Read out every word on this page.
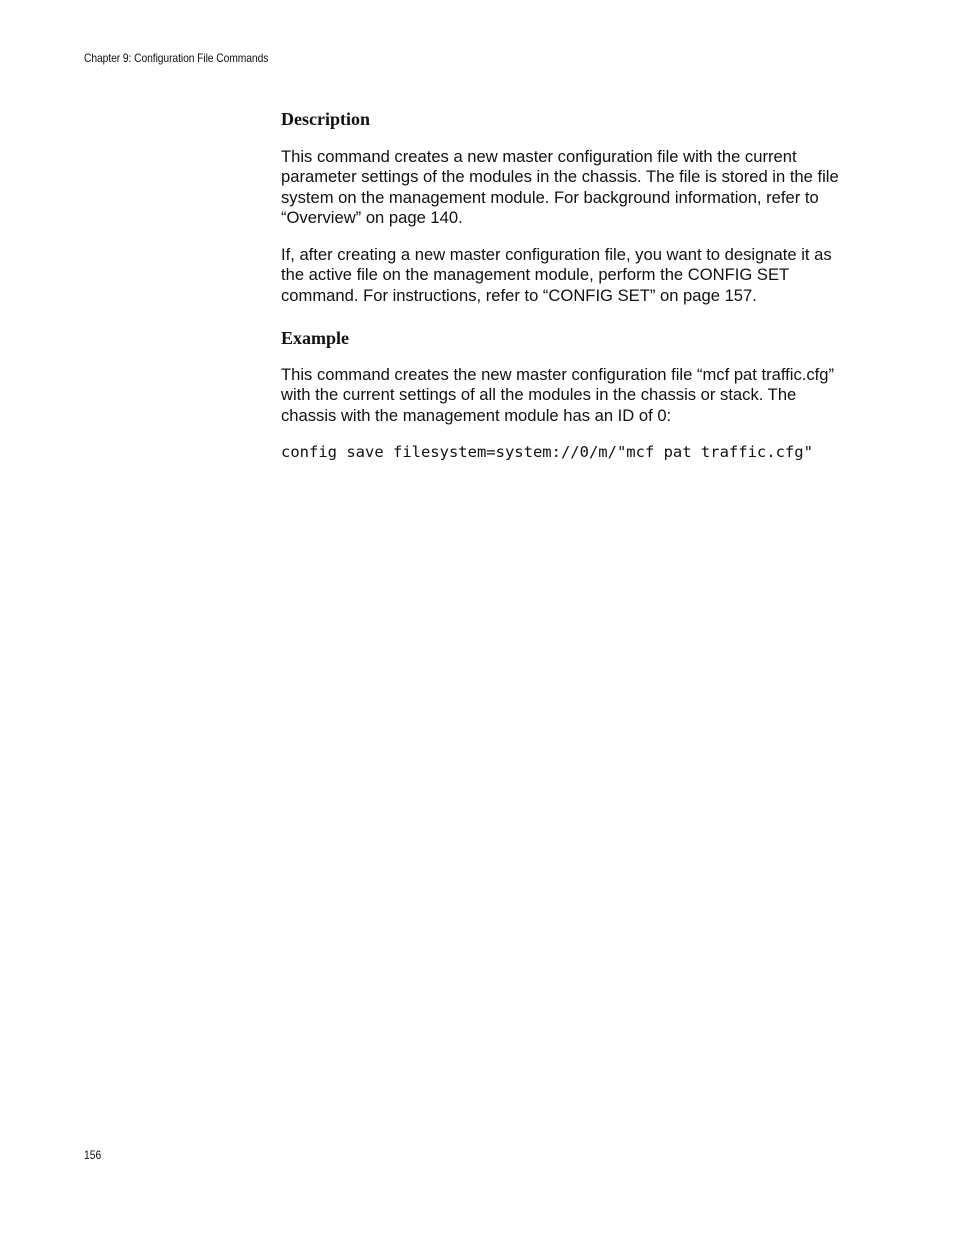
Chapter 9: Configuration File Commands
Description

This command creates a new master configuration file with the current parameter settings of the modules in the chassis. The file is stored in the file system on the management module. For background information, refer to “Overview” on page 140.

If, after creating a new master configuration file, you want to designate it as the active file on the management module, perform the CONFIG SET command. For instructions, refer to “CONFIG SET” on page 157.

Example

This command creates the new master configuration file “mcf pat traffic.cfg” with the current settings of all the modules in the chassis or stack. The chassis with the management module has an ID of 0:

config save filesystem=system://0/m/"mcf pat traffic.cfg"
156
